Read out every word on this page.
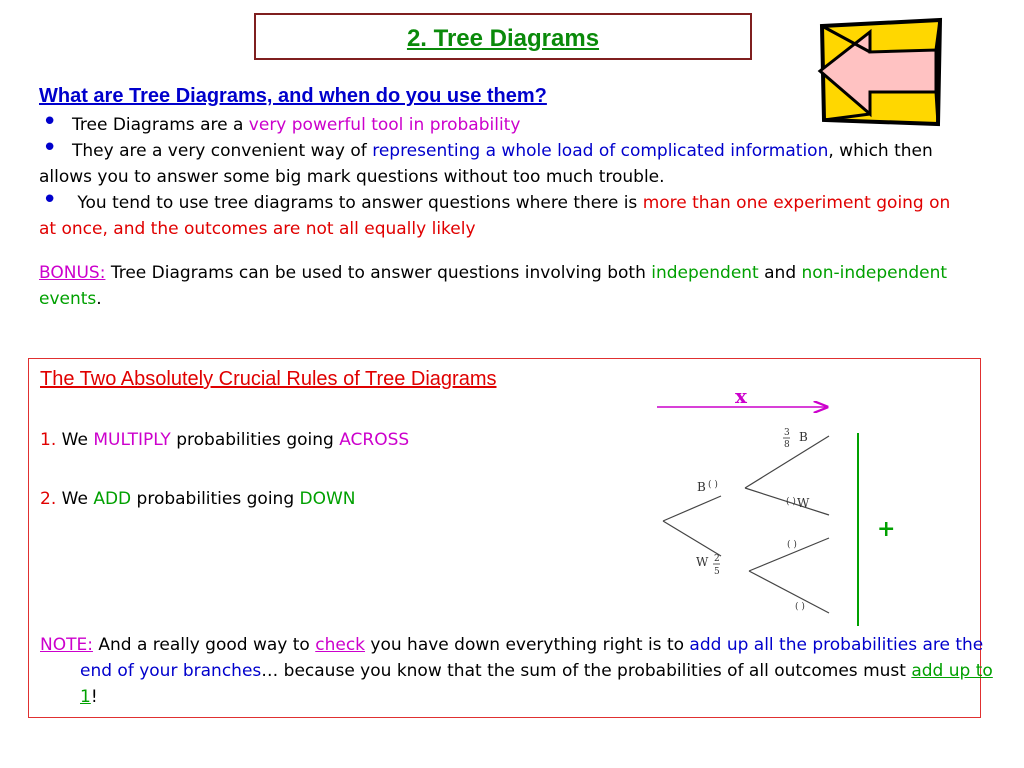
2. Tree Diagrams
What are Tree Diagrams, and when do you use them?

• Tree Diagrams are a very powerful tool in probability

• They are a very convenient way of representing a whole load of complicated information, which then allows you to answer some big mark questions without too much trouble.

• You tend to use tree diagrams to answer questions where there is more than one experiment going on at once, and the outcomes are not all equally likely

BONUS: Tree Diagrams can be used to answer questions involving both independent and non-independent events.
The Two Absolutely Crucial Rules of Tree Diagrams
1. We MULTIPLY probabilities going ACROSS
2. We ADD probabilities going DOWN
x
+
B ( )
W 2
5
3
8
B
( ) W
( )
( )
NOTE: And a really good way to check you have down everything right is to add up all the probabilities are the end of your branches… because you know that the sum of the probabilities of all outcomes must add up to 1!
